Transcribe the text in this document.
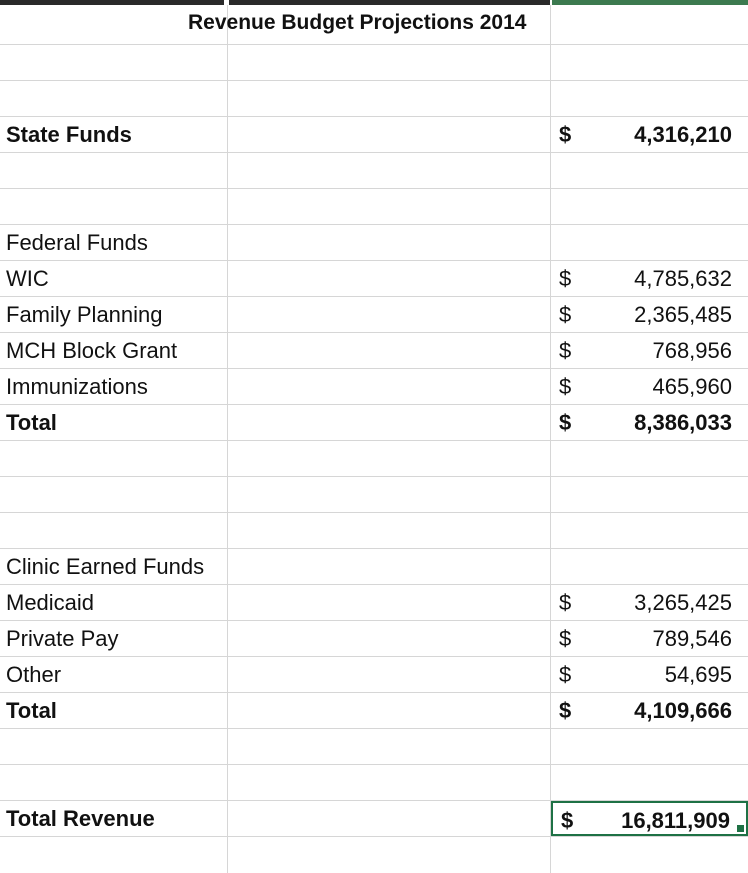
Revenue Budget Projections 2014
State Funds	$	4,316,210
Federal Funds
WIC	$	4,785,632
Family Planning	$	2,365,485
MCH Block Grant	$	768,956
Immunizations	$	465,960
Total	$	8,386,033
Clinic Earned Funds
Medicaid	$	3,265,425
Private Pay	$	789,546
Other	$	54,695
Total	$	4,109,666
Total Revenue	$ 16,811,909
